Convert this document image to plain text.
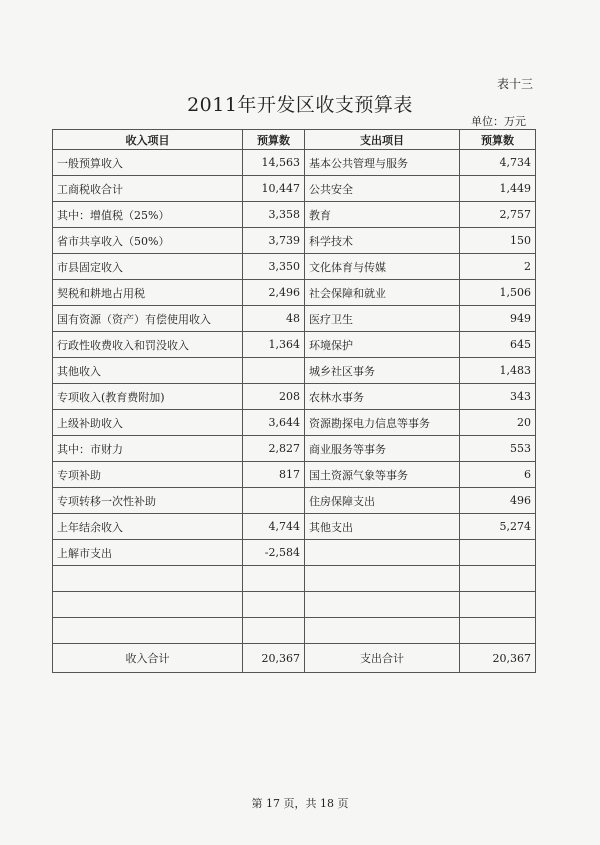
表十三
2011年开发区收支预算表
单位：万元
收入项目	预算数	支出项目	预算数
一般预算收入	14,563	基本公共管理与服务	4,734
工商税收合计	10,447	公共安全	1,449
其中：增值税（25%）	3,358	教育	2,757
省市共享收入（50%）	3,739	科学技术	150
市县固定收入	3,350	文化体育与传媒	2
契税和耕地占用税	2,496	社会保障和就业	1,506
国有资源（资产）有偿使用收入	48	医疗卫生	949
行政性收费收入和罚没收入	1,364	环境保护	645
其他收入		城乡社区事务	1,483
专项收入(教育费附加)	208	农林水事务	343
上级补助收入	3,644	资源勘探电力信息等事务	20
其中：市财力	2,827	商业服务等事务	553
专项补助	817	国土资源气象等事务	6
专项转移一次性补助		住房保障支出	496
上年结余收入	4,744	其他支出	5,274
上解市支出	-2,584		

收入合计	20,367	支出合计	20,367
第 17 页，共 18 页
